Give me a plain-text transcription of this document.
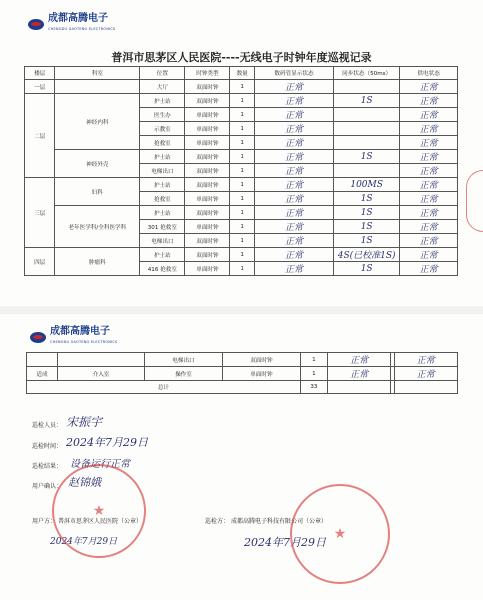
成都高腾电子
CHENGDU GAOTENG ELECTRONICS
普洱市思茅区人民医院----无线电子时钟年度巡视记录
楼层	科室	位置	时钟类型	数量	数码管显示状态	同步状态（50ms）	供电状态
一层		大厅	双面时钟	1	正常		正常
二层	神经内科	护士站	双面时钟	1	正常	1S	正常
		医生办	单面时钟	1	正常		正常
		示教室	单面时钟	1	正常		正常
		抢救室	单面时钟	1	正常		正常
	神经外壳	护士站	双面时钟	1	正常	1S	正常
		电梯出口	双面时钟	1	正常		正常
三层	妇科	护士站	双面时钟	1	正常	100MS	正常
		抢救室	单面时钟	1	正常	1S	正常
	老年医学科/全科医学科	护士站	双面时钟	1	正常	1S	正常
		301 抢救室	单面时钟	1	正常	1S	正常
		电梯出口	双面时钟	1	正常	1S	正常
四层	肿瘤科	护士站	双面时钟	1	正常	4S(已校准1S)	正常
		416 抢救室	单面时钟	1	正常	1S	正常
成都高腾电子
CHENGDU GAOTENG ELECTRONICS
		电梯出口	双面时钟	1	正常		正常
适成	介入室	操作室	单面时钟	1	正常		正常
总计				33			
巡检人员： 宋振宇
巡检时间： 2024年7月29日
巡检结果： 设备运行正常
用户确认： 赵锦娥
用户方： 普洱市思茅区人民医院（公章）	巡检方： 成都高腾电子科技有限公司（公章）
2024年7月29日	2024年7月29日
★
★
